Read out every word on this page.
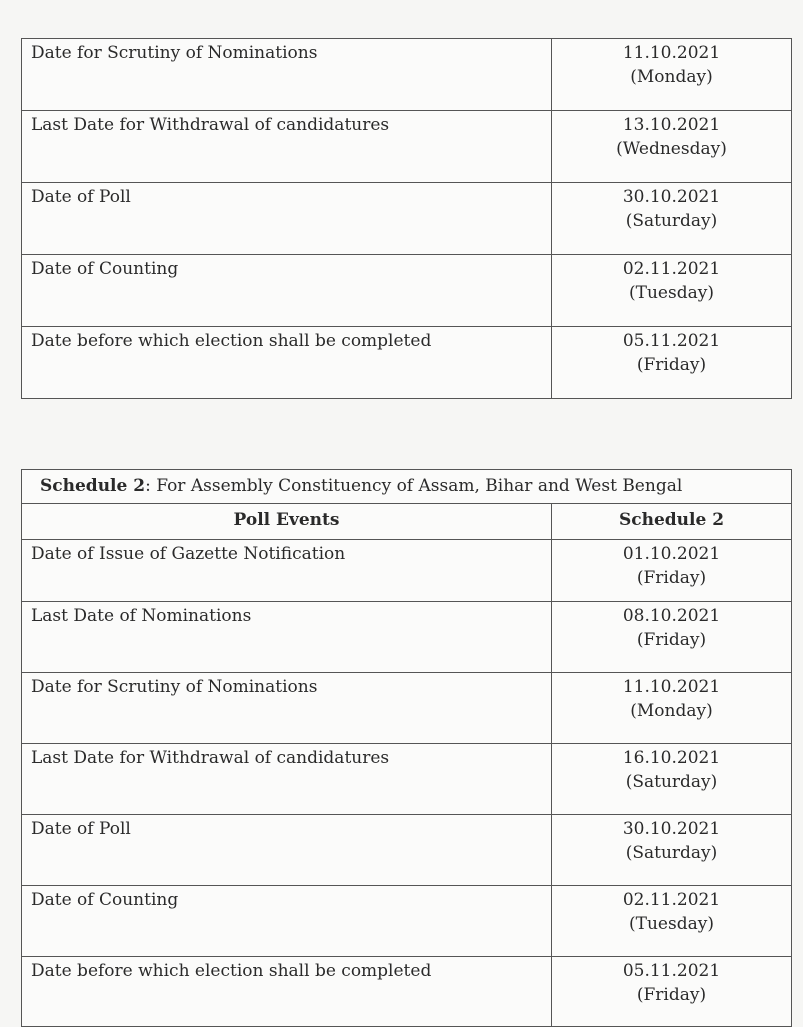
Date for Scrutiny of Nominations	11.10.2021
(Monday)

Last Date for Withdrawal of candidatures	13.10.2021
(Wednesday)

Date of Poll	30.10.2021
(Saturday)

Date of Counting	02.11.2021
(Tuesday)

Date before which election shall be completed	05.11.2021
(Friday)
Schedule 2: For Assembly Constituency of Assam, Bihar and West Bengal	
Poll Events	Schedule 2
Date of Issue of Gazette Notification	01.10.2021
(Friday)

Last Date of Nominations	08.10.2021
(Friday)

Date for Scrutiny of Nominations	11.10.2021
(Monday)

Last Date for Withdrawal of candidatures	16.10.2021
(Saturday)

Date of Poll	30.10.2021
(Saturday)

Date of Counting	02.11.2021
(Tuesday)

Date before which election shall be completed	05.11.2021
(Friday)
